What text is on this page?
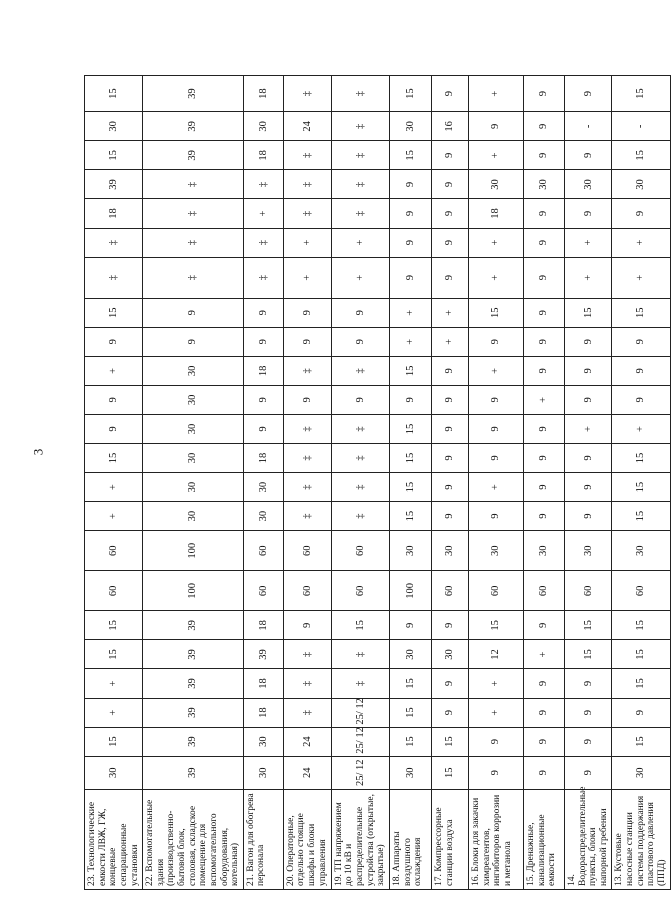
3
23. Технологические емкости ЛВЖ, ГЖ, концевые сепарационные установки	30	15	+	+	15	15	60	60	+	+	15	9	9	+	9	15	‡	‡	18	39	15	30	15
22. Вспомогательные здания (производственно-бытовой блок, столовая, складское помещение для вспомогательного оборудования, котельная)	39	39	39	39	39	39	100	100	30	30	30	30	30	30	9	9	‡	‡	‡	‡	39	39	39
21. Вагон для обогрева персонала	30	30	18	18	39	18	60	60	30	30	18	9	9	18	9	9	‡	‡	+	‡	18	30	18
20. Операторные, отдельно стоящие шкафы и блоки управления	24	24	‡	‡	‡	9	60	60	‡	‡	‡	‡	9	‡	9	9	+	+	‡	‡	‡	24	‡
19. ТП напряжением до 10 кВ и распределительные устройства (открытые, закрытые)	25/ 12	25/ 12	25/ 12	‡	‡	15	60	60	‡	‡	‡	‡	9	‡	9	9	+	+	‡	‡	‡	‡	‡
18. Аппараты воздушного охлаждения	30	15	15	15	30	9	100	30	15	15	15	15	9	15	+	+	9	9	9	9	15	30	15
17. Компрессорные станции воздуха	15	15	9	9	30	9	60	30	9	9	9	9	9	9	+	+	9	9	9	9	9	16	9
16. Блоки для закачки химреагентов, ингибиторов коррозии и метанола	9	9	+	+	12	15	60	30	9	+	9	9	9	+	9	15	+	+	18	30	+	9	+
15. Дренажные, канализационные емкости	9	9	9	9	+	9	60	30	9	9	9	9	+	9	9	9	9	9	9	30	9	9	9
14. Водораспределительные пункты, блоки напорной гребенки	9	9	9	9	15	15	60	30	9	9	9	+	9	9	9	15	+	+	9	30	9	-	9
13. Кустовые насосные станции системы поддержания пластового давления (ППД)	30	15	9	15	15	15	60	30	15	15	15	+	9	9	9	15	+	+	9	30	15	-	15
